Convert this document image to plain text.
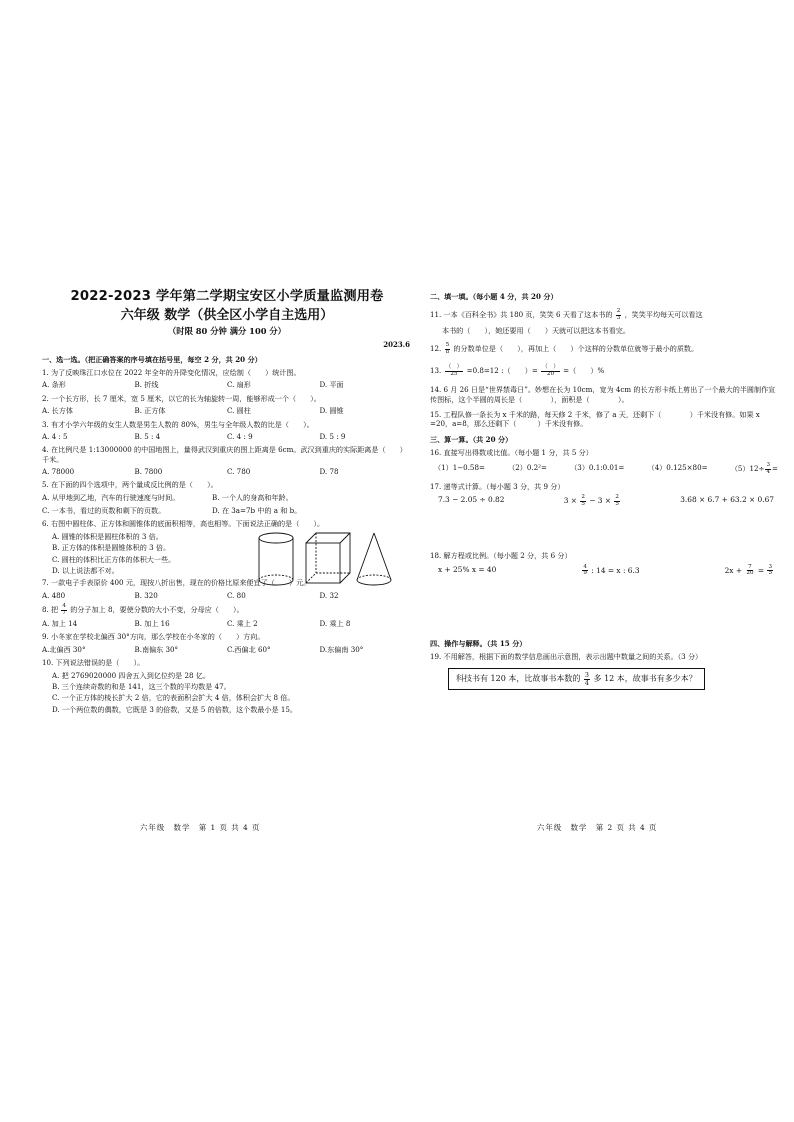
2022-2023 学年第二学期宝安区小学质量监测用卷
六年级 数学（供全区小学自主选用）
（时限 80 分钟 满分 100 分）
2023.6
一、选一选。（把正确答案的序号填在括号里，每空 2 分，共 20 分）
1. 为了反映珠江口水位在 2022 年全年的升降变化情况，应绘制（　　）统计图。
A. 条形	B. 折线	C. 扇形	D. 平面
2. 一个长方形，长 7 厘米，宽 5 厘米，以它的长为轴旋转一周，能够形成一个（　　）。
A. 长方体	B. 正方体	C. 圆柱	D. 圆锥
3. 有才小学六年级的女生人数是男生人数的 80%，男生与全年级人数的比是（　　）。
A. 4 : 5	B. 5 : 4	C. 4 : 9	D. 5 : 9
4. 在比例尺是 1:13000000 的中国地图上，量得武汉到重庆的图上距离是 6cm。武汉到重庆的实际距离是（　　）千米。
A. 78000	B. 7800	C. 780	D. 78
5. 在下面的四个选项中，两个量成反比例的是（　　）。
A. 从甲地到乙地，汽车的行驶速度与时间。	B. 一个人的身高和年龄。
C. 一本书，看过的页数和剩下的页数。	D. 在 3a=7b 中的 a 和 b。
6. 右图中圆柱体、正方体和圆锥体的底面积相等，高也相等。下面说法正确的是（　　）。
A. 圆锥的体积是圆柱体积的 3 倍。
B. 正方体的体积是圆锥体积的 3 倍。
C. 圆柱的体积比正方体的体积大一些。
D. 以上说法都不对。
7. 一款电子手表原价 400 元，现按八折出售，现在的价格比原来便宜了（　　）元。
A. 480	B. 320	C. 80	D. 32
8. 把 $\frac{4}{7}$ 的分子加上 8，要使分数的大小不变，分母应（　　）。
A. 加上 14	B. 加上 16	C. 乘上 2	D. 乘上 8
9. 小冬家在学校北偏西 30°方向，那么学校在小冬家的（　　）方向。
A.北偏西 30°	B.南偏东 30°	C.西偏北 60°	D.东偏南 30°
10. 下列说法错误的是（　　）。
A. 把 2769020000 四舍五入到亿位约是 28 亿。
B. 三个连续奇数的和是 141，这三个数的平均数是 47。
C. 一个正方体的棱长扩大 2 倍，它的表面积会扩大 4 倍，体积会扩大 8 倍。
D. 一个两位数的偶数，它既是 3 的倍数，又是 5 的倍数，这个数最小是 15。
二、填一填。（每小题 4 分，共 20 分）
11. 一本《百科全书》共 180 页，笑笑 6 天看了这本书的 $\frac{2}{3}$ ，笑笑平均每天可以看这
本书的（　　），她还要用（　　）天就可以把这本书看完。
12. $\frac{5}{8}$ 的分数单位是（　　），再加上（　　）个这样的分数单位就等于最小的质数。
13. $\frac{( )}{25} =0.8=12$ :（　　）= $\frac{( )}{20}$ =（　　）%
14. 6 月 26 日是“世界禁毒日”。妙想在长为 10cm，宽为 4cm 的长方形卡纸上剪出了一个最大的半圆制作宣传图标，这个半圆的周长是（　　　　），面积是（　　　　）。
15. 工程队修一条长为 x 千米的路，每天修 2 千米，修了 a 天，还剩下（　　　　）千米没有修。如果 x =20，a=8，那么还剩下（　　　）千米没有修。
三、算一算。（共 20 分）
16. 直接写出得数或比值。（每小题 1 分，共 5 分）
（1）1−0.58=	（2）0.2²=	（3）0.1:0.01=	（4）0.125×80=	$(5)12\div \frac{3}{4}$ =
17. 递等式计算。（每小题 3 分，共 9 分）
7.3 − 2.05 ÷ 0.82	$3 \times \frac{2}{5} - 3 \times \frac{2}{5}$	3.68 × 6.7 + 63.2 × 0.67
18. 解方程或比例。（每小题 2 分，共 6 分）
x + 25% x = 40	$\frac{4}{9}$ : 14 = x : 6.3	$2x + \frac{7}{20} = \frac{3}{5}$
四、操作与解释。（共 15 分）
19. 不用解答，根据下面的数学信息画出示意图，表示出题中数量之间的关系。（3 分）
科技书有 120 本，比故事书本数的 $\frac{3}{4}$ 多 12 本，故事书有多少本？
六年级　数学　第 1 页 共 4 页	六年级　数学　第 2 页 共 4 页
